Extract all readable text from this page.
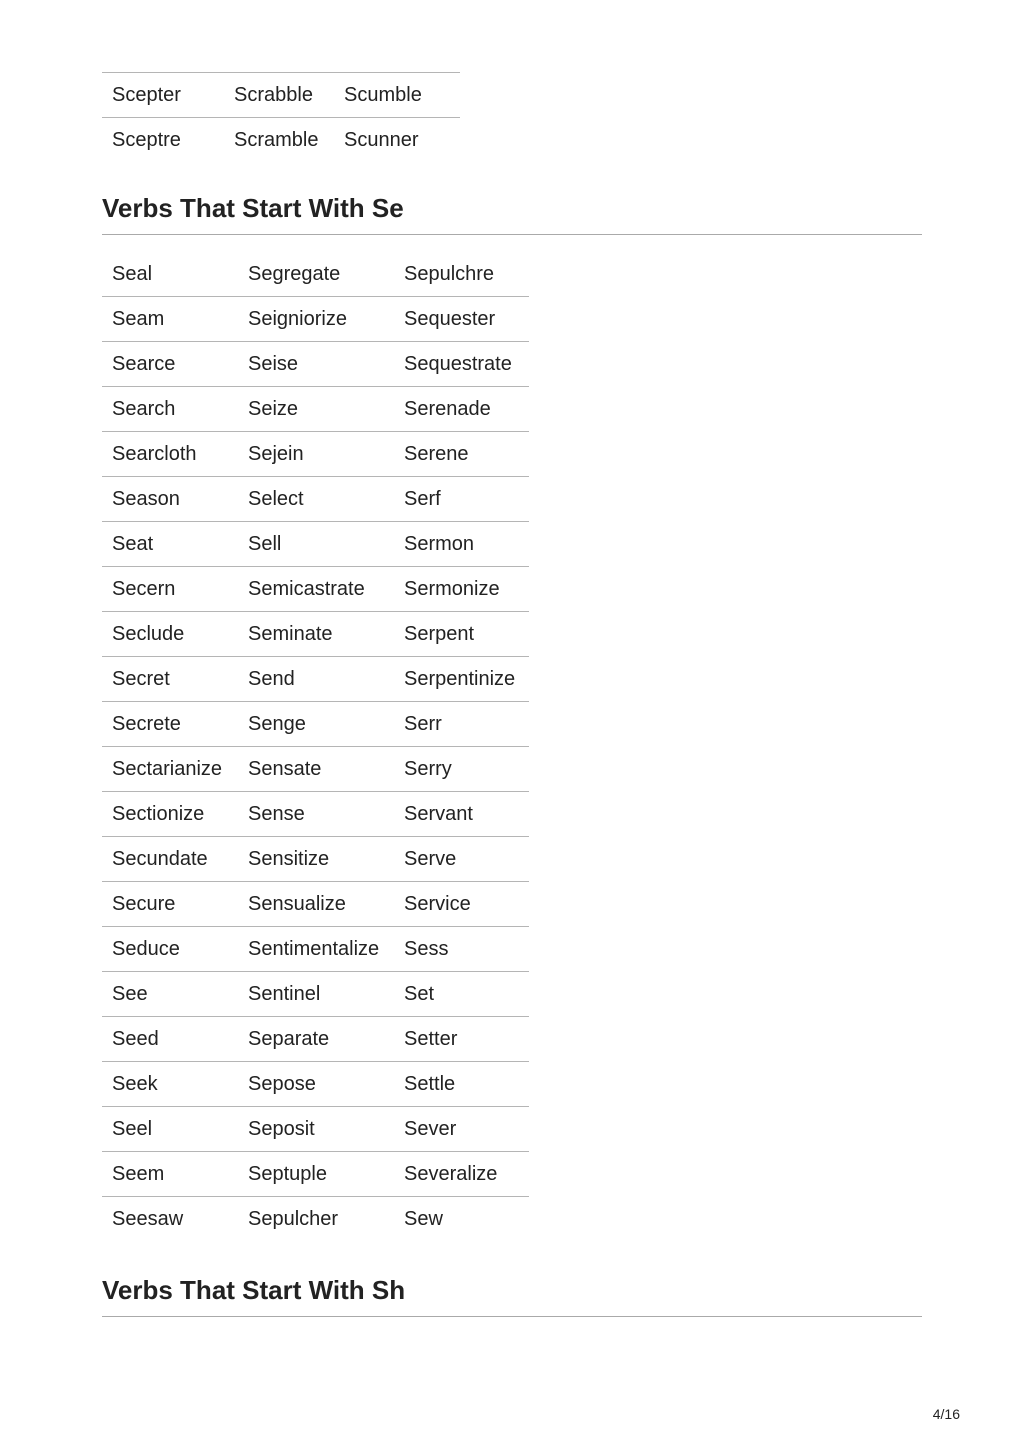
Scepter	Scrabble	Scumble
Sceptre	Scramble	Scunner
Verbs That Start With Se
Seal	Segregate	Sepulchre
Seam	Seigniorize	Sequester
Searce	Seise	Sequestrate
Search	Seize	Serenade
Searcloth	Sejein	Serene
Season	Select	Serf
Seat	Sell	Sermon
Secern	Semicastrate	Sermonize
Seclude	Seminate	Serpent
Secret	Send	Serpentinize
Secrete	Senge	Serr
Sectarianize	Sensate	Serry
Sectionize	Sense	Servant
Secundate	Sensitize	Serve
Secure	Sensualize	Service
Seduce	Sentimentalize	Sess
See	Sentinel	Set
Seed	Separate	Setter
Seek	Sepose	Settle
Seel	Seposit	Sever
Seem	Septuple	Severalize
Seesaw	Sepulcher	Sew
Verbs That Start With Sh
4/16
